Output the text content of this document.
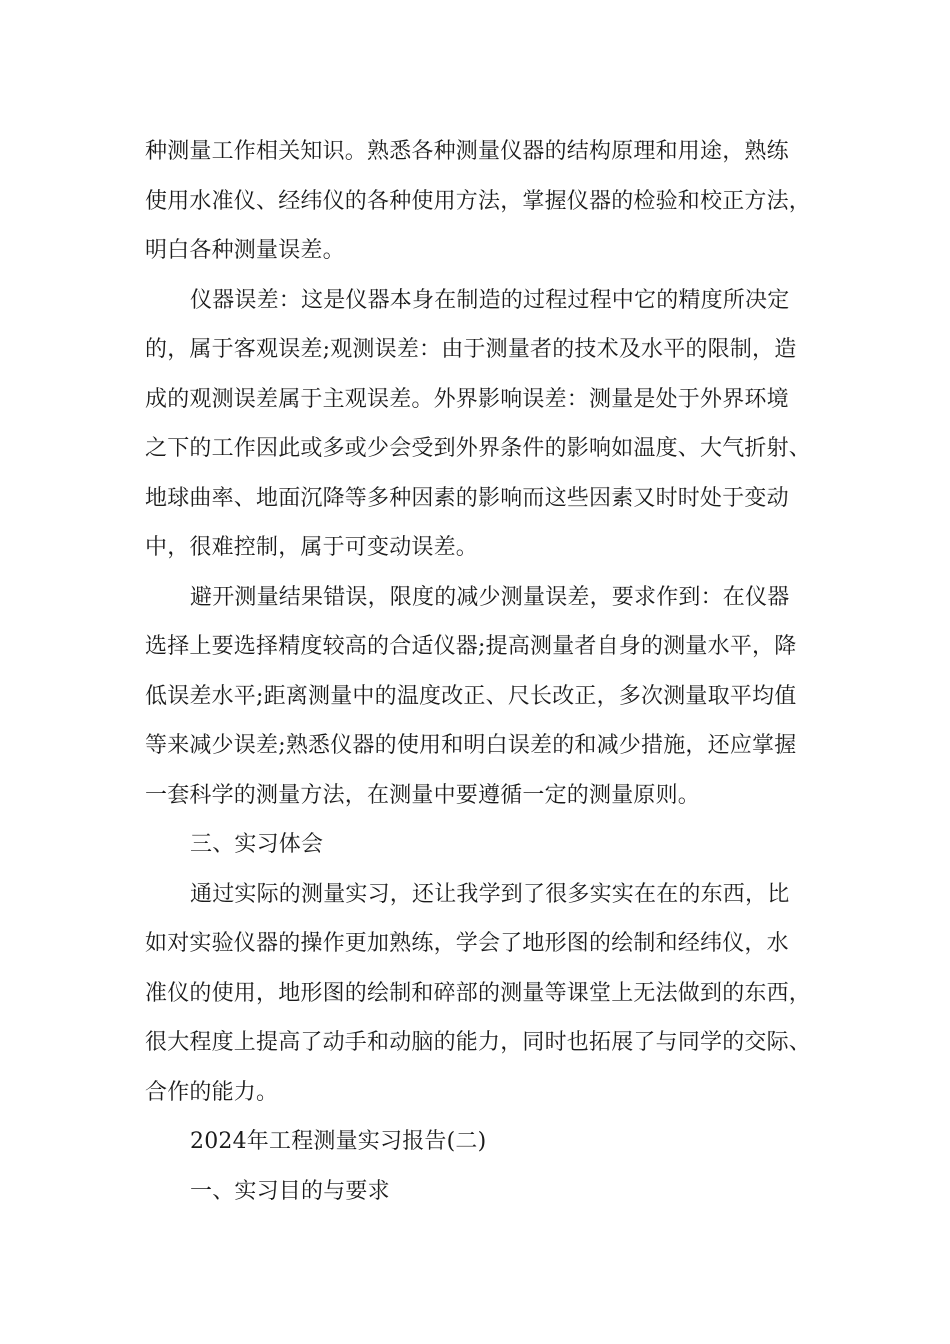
种测量工作相关知识。熟悉各种测量仪器的结构原理和用途，熟练
使用水准仪、经纬仪的各种使用方法，掌握仪器的检验和校正方法，
明白各种测量误差。
仪器误差：这是仪器本身在制造的过程过程中它的精度所决定
的，属于客观误差;观测误差：由于测量者的技术及水平的限制，造
成的观测误差属于主观误差。外界影响误差：测量是处于外界环境
之下的工作因此或多或少会受到外界条件的影响如温度、大气折射、
地球曲率、地面沉降等多种因素的影响而这些因素又时时处于变动
中，很难控制，属于可变动误差。
避开测量结果错误，限度的减少测量误差，要求作到：在仪器
选择上要选择精度较高的合适仪器;提高测量者自身的测量水平，降
低误差水平;距离测量中的温度改正、尺长改正，多次测量取平均值
等来减少误差;熟悉仪器的使用和明白误差的和减少措施，还应掌握
一套科学的测量方法，在测量中要遵循一定的测量原则。
三、实习体会
通过实际的测量实习，还让我学到了很多实实在在的东西，比
如对实验仪器的操作更加熟练，学会了地形图的绘制和经纬仪，水
准仪的使用，地形图的绘制和碎部的测量等课堂上无法做到的东西，
很大程度上提高了动手和动脑的能力，同时也拓展了与同学的交际、
合作的能力。
2024年工程测量实习报告(二)
一、实习目的与要求
